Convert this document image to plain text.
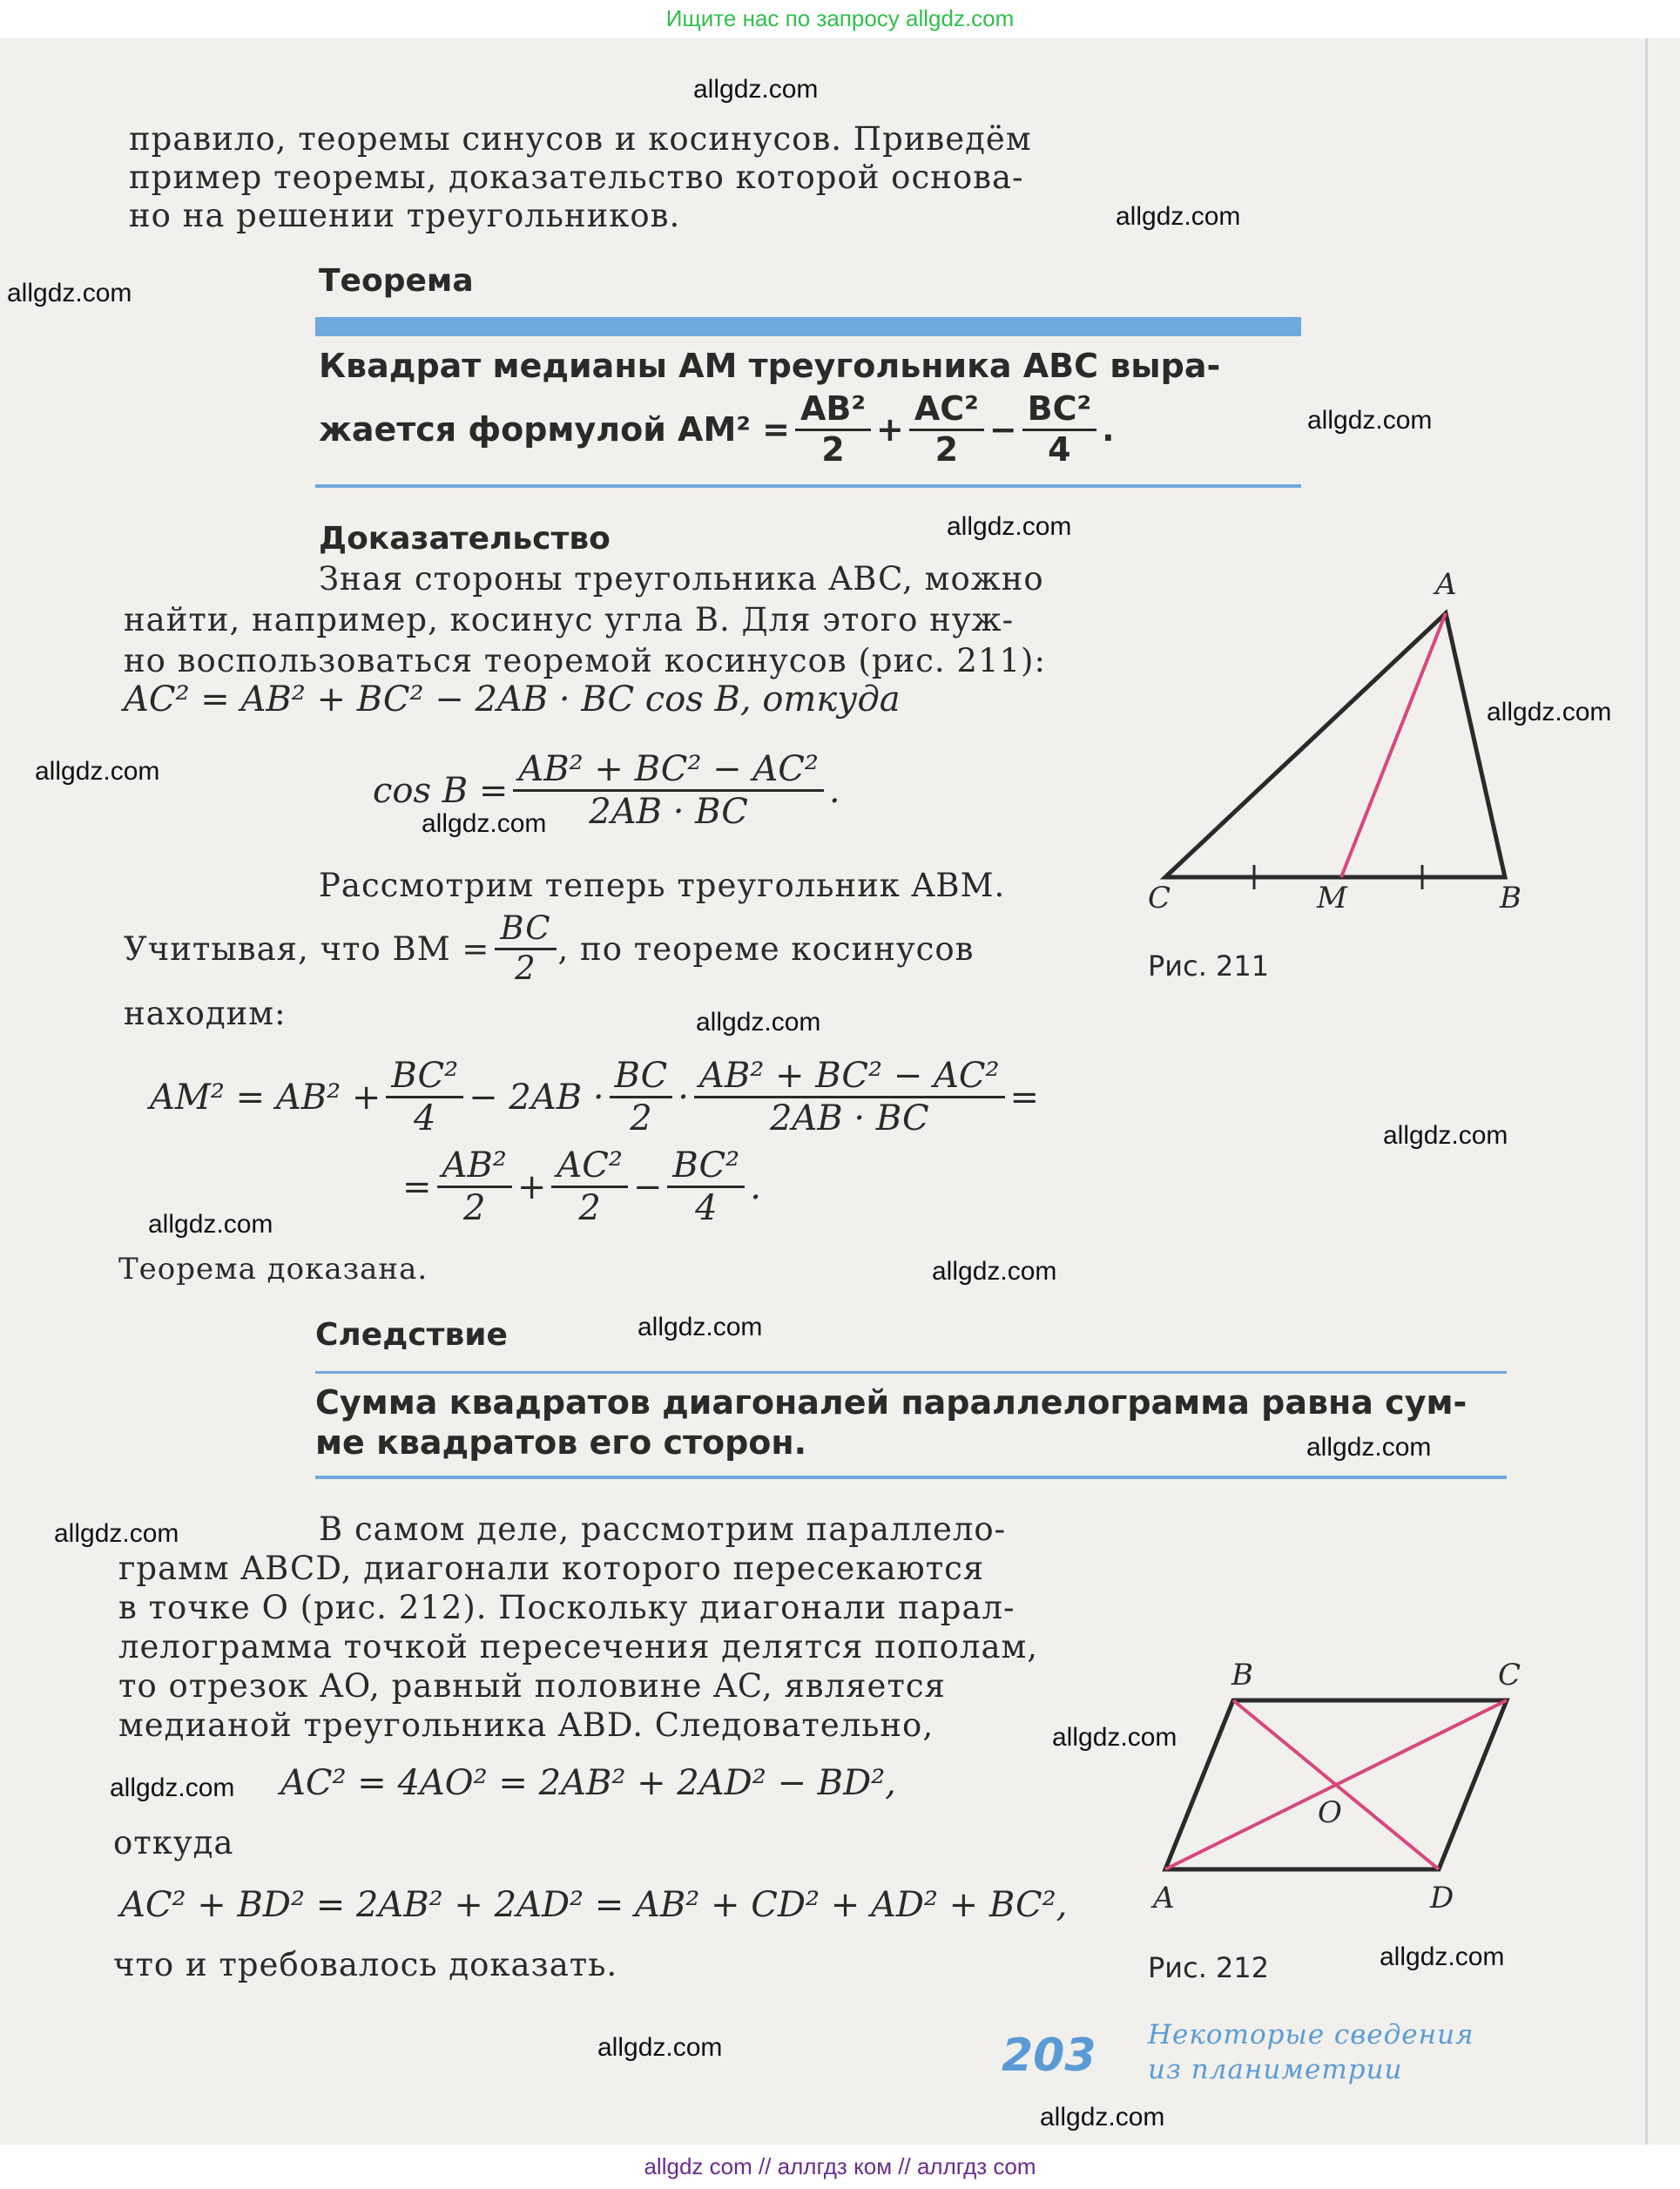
Ищите нас по запросу allgdz.com
allgdz com // аллгдз ком // аллгдз com
правило, теоремы синусов и косинусов. Приведём
пример теоремы, доказательство которой основа-
но на решении треугольников.
Теорема
Квадрат медианы AM треугольника ABC выра-
жается формулой $AM^2 = \frac{\text{AB²}}{2} + \frac{\text{AC²}}{2} - \frac{\text{BC²}}{4}$ .
Доказательство
Зная стороны треугольника ABC, можно
найти, например, косинус угла B. Для этого нуж-
но воспользоваться теоремой косинусов (рис. 211):
AC² = AB² + BC² − 2AB · BC cos B, откуда
$\cos B = \frac{\text{AB² + BC² − AC²}}{2AB \cdot BC}$ .
Рассмотрим теперь треугольник ABM.
Учитывая, что BM = $\frac{BC}{2}$ , по теореме косинусов
находим:
$AM^2 = AB^2 + \frac{\text{BC²}}{4} - 2AB \cdot \frac{BC}{2} \cdot \frac{\text{AB² + BC² − AC²}}{2AB \cdot BC}$ =
= $\frac{\text{AB²}}{2} + \frac{\text{AC²}}{2} - \frac{\text{BC²}}{4}$ .
Теорема доказана.
Следствие
Сумма квадратов диагоналей параллелограмма равна сум-
ме квадратов его сторон.
В самом деле, рассмотрим параллело-
грамм ABCD, диагонали которого пересекаются
в точке O (рис. 212). Поскольку диагонали парал-
лелограмма точкой пересечения делятся пополам,
то отрезок AO, равный половине AC, является
медианой треугольника ABD. Следовательно,
AC² = 4AO² = 2AB² + 2AD² − BD²,
откуда
AC² + BD² = 2AB² + 2AD² = AB² + CD² + AD² + BC²,
что и требовалось доказать.
A
C	M	B
Рис. 211
B	C
O
A	D
Рис. 212
203 Некоторые сведения
из планиметрии
allgdz.com
allgdz.com
allgdz.com
allgdz.com
allgdz.com
allgdz.com
allgdz.com
allgdz.com
allgdz.com
allgdz.com
allgdz.com
allgdz.com
allgdz.com
allgdz.com
allgdz.com
allgdz.com
allgdz.com
allgdz.com
allgdz.com
allgdz.com
